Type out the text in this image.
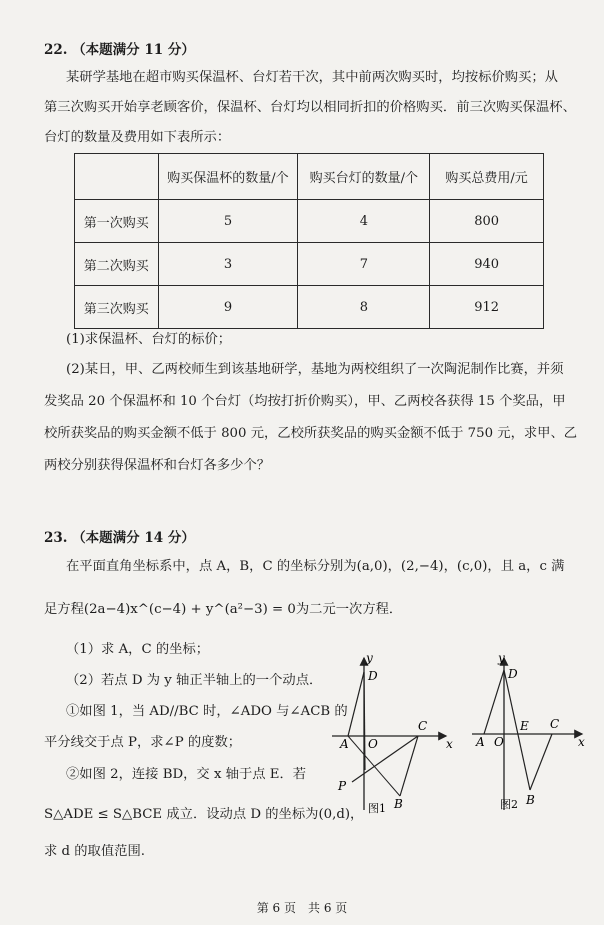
22. （本题满分 11 分）
某研学基地在超市购买保温杯、台灯若干次，其中前两次购买时，均按标价购买；从
第三次购买开始享老顾客价，保温杯、台灯均以相同折扣的价格购买．前三次购买保温杯、
台灯的数量及费用如下表所示：
	购买保温杯的数量/个	购买台灯的数量/个	购买总费用/元
第一次购买	5	4	800
第二次购买	3	7	940
第三次购买	9	8	912
(1)求保温杯、台灯的标价；
(2)某日，甲、乙两校师生到该基地研学，基地为两校组织了一次陶泥制作比赛，并须
发奖品 20 个保温杯和 10 个台灯（均按打折价购买），甲、乙两校各获得 15 个奖品，甲
校所获奖品的购买金额不低于 800 元，乙校所获奖品的购买金额不低于 750 元，求甲、乙
两校分别获得保温杯和台灯各多少个？
23. （本题满分 14 分）
在平面直角坐标系中，点 A，B，C 的坐标分别为(a,0)，(2,−4)，(c,0)，且 a，c 满
足方程(2a−4)x^(c−4) + y^(a²−3) = 0为二元一次方程．
（1）求 A，C 的坐标；
（2）若点 D 为 y 轴正半轴上的一个动点．
①如图 1，当 AD//BC 时，∠ADO 与∠ACB 的
平分线交于点 P，求∠P 的度数；
②如图 2，连接 BD，交 x 轴于点 E．若
S△ADE ≤ S△BCE 成立．设动点 D 的坐标为(0,d)，
求 d 的取值范围.
y
x
D
A O
C
P
B
图1
y
x
D
A O
E C
B
图2
第 6 页　共 6 页
